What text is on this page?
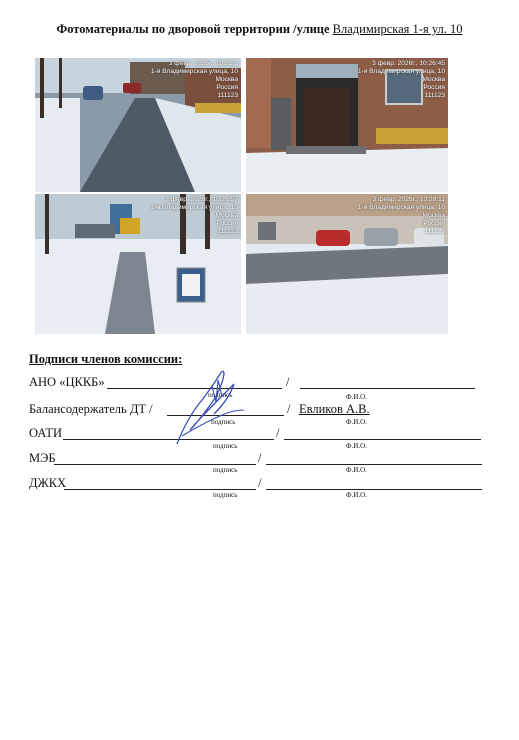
Фотоматериалы по дворовой территории /улице Владимирская 1-я ул. 10
3 февр. 2026г., 10:25:3
1-я Владимирская улица, 10
Москва
Россия
111123
3 февр. 2026г., 10:26:45
1-я Владимирская улица, 10
Москва
Россия
111123
3 февр. 2026г., 10:26:57
1-я Владимирская улица, 10
Москва
Россия
111123
3 февр. 2026г., 10:28:11
1-я Владимирская улица, 10
Москва
Россия
111123
Подписи членов комиссии:
АНО «ЦККБ»	/
подпись	Ф.И.О.
Балансодержатель ДТ /	/ Евликов А.В.
подпись	Ф.И.О.
ОАТИ	/
подпись	Ф.И.О.
МЭБ	/
подпись	Ф.И.О.
ДЖКХ	/
подпись	Ф.И.О.
